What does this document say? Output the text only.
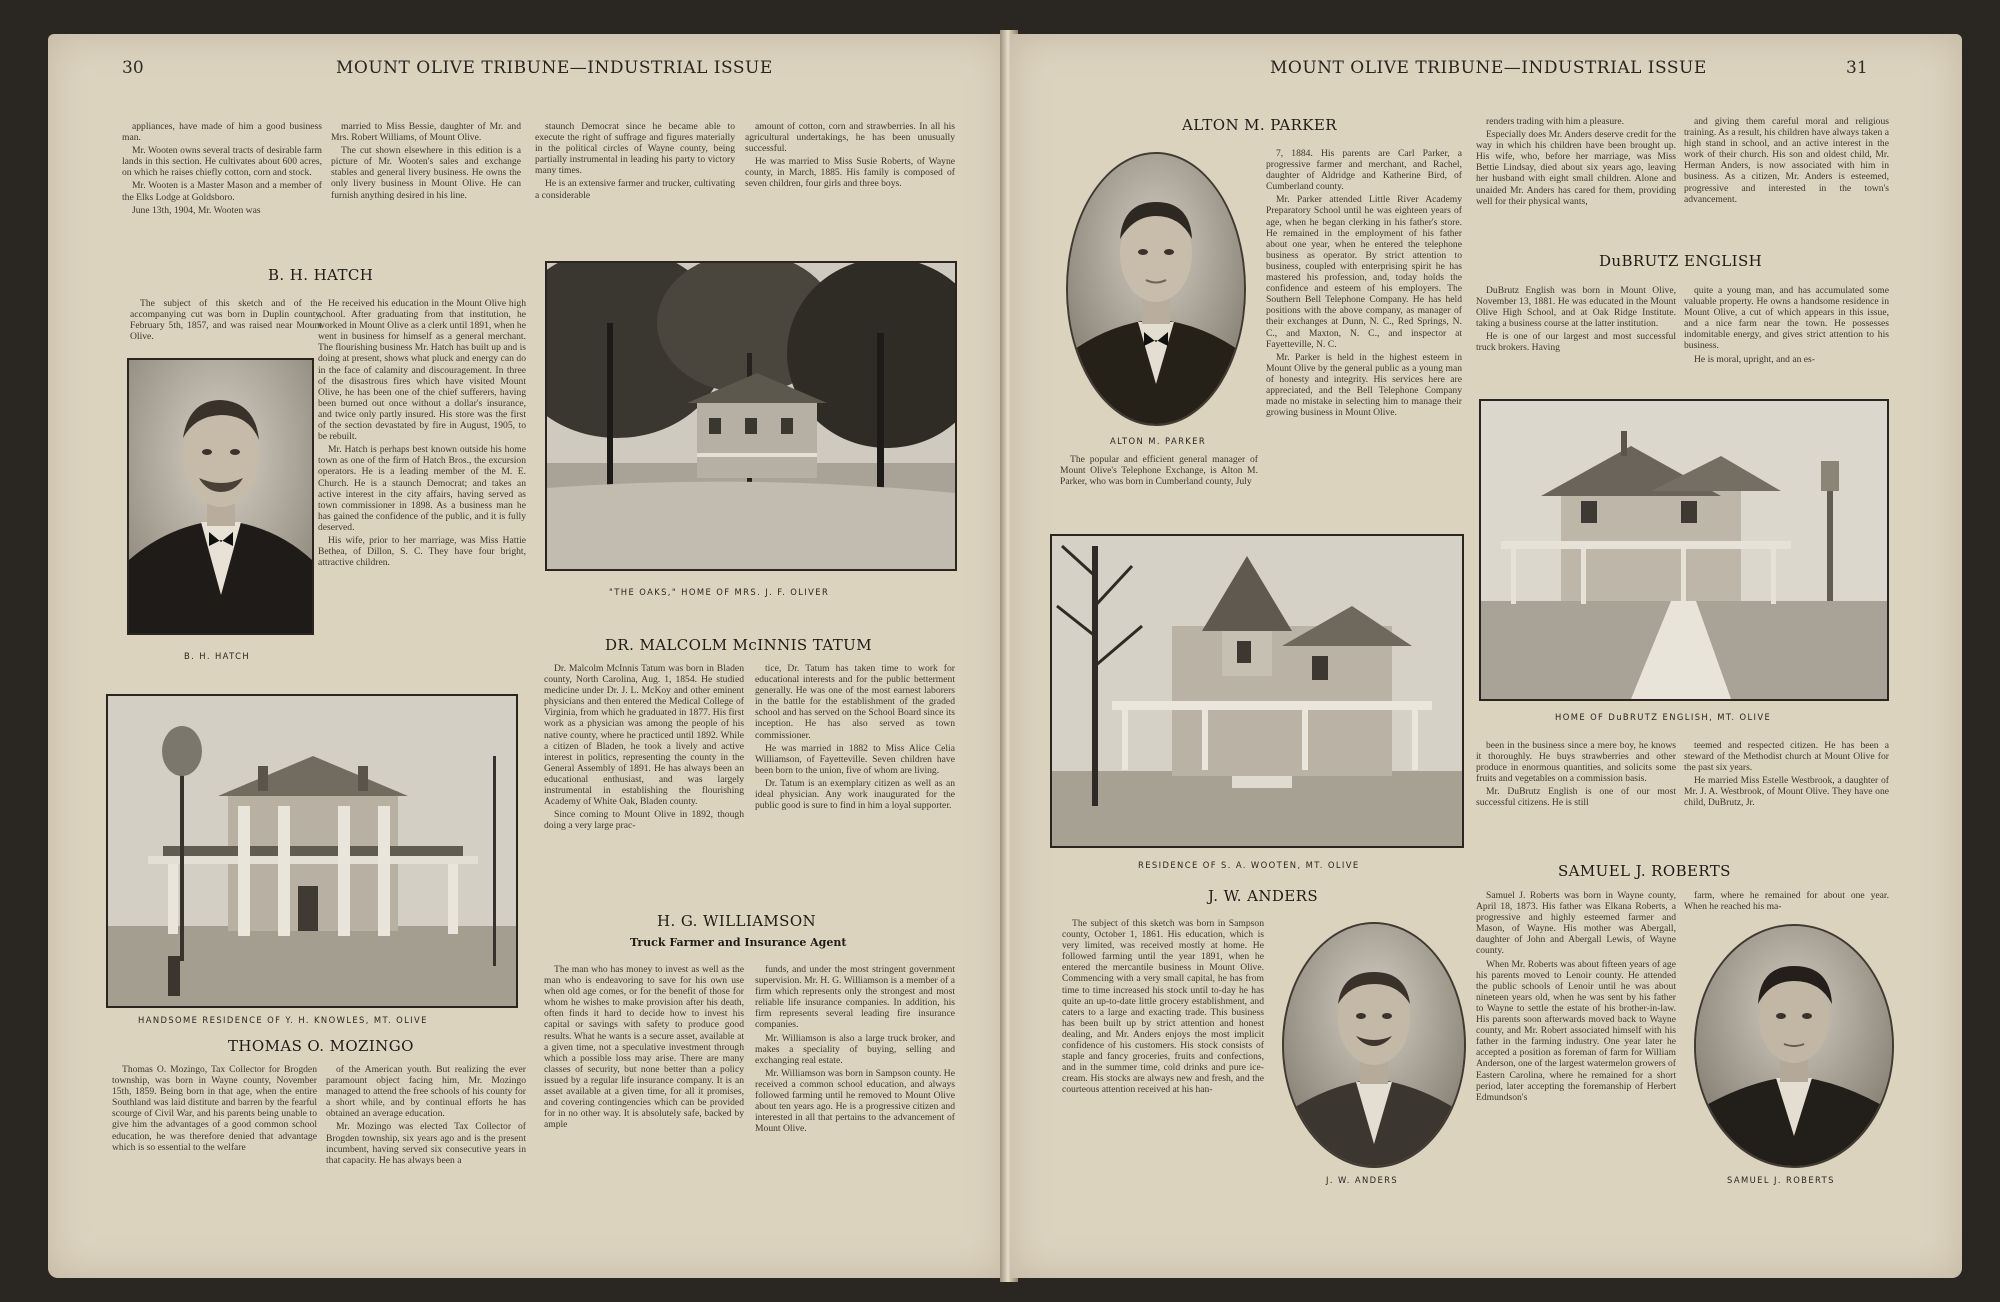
30	MOUNT OLIVE TRIBUNE—INDUSTRIAL ISSUE

appliances, have made of him a good business man.

Mr. Wooten owns several tracts of desirable farm lands in this section. He cultivates about 600 acres, on which he raises chiefly cotton, corn and stock.

Mr. Wooten is a Master Mason and a member of the Elks Lodge at Goldsboro.

June 13th, 1904, Mr. Wooten was

married to Miss Bessie, daughter of Mr. and Mrs. Robert Williams, of Mount Olive.

The cut shown elsewhere in this edition is a picture of Mr. Wooten's sales and exchange stables and general livery business. He owns the only livery business in Mount Olive. He can furnish anything desired in his line.

staunch Democrat since he became able to execute the right of suffrage and figures materially in the political circles of Wayne county, being partially instrumental in leading his party to victory many times.

He is an extensive farmer and trucker, cultivating a considerable

amount of cotton, corn and strawberries. In all his agricultural undertakings, he has been unusually successful.

He was married to Miss Susie Roberts, of Wayne county, in March, 1885. His family is composed of seven children, four girls and three boys.

B. H. HATCH

The subject of this sketch and of the accompanying cut was born in Duplin county, February 5th, 1857, and was raised near Mount Olive.

B. H. HATCH

He received his education in the Mount Olive high school. After graduating from that institution, he worked in Mount Olive as a clerk until 1891, when he went in business for himself as a general merchant. The flourishing business Mr. Hatch has built up and is doing at present, shows what pluck and energy can do in the face of calamity and discouragement. In three of the disastrous fires which have visited Mount Olive, he has been one of the chief sufferers, having been burned out once without a dollar's insurance, and twice only partly insured. His store was the first of the section devastated by fire in August, 1905, to be rebuilt.

Mr. Hatch is perhaps best known outside his home town as one of the firm of Hatch Bros., the excursion operators. He is a leading member of the M. E. Church. He is a staunch Democrat; and takes an active interest in the city affairs, having served as town commissioner in 1898. As a business man he has gained the confidence of the public, and it is fully deserved.

His wife, prior to her marriage, was Miss Hattie Bethea, of Dillon, S. C. They have four bright, attractive children.

"THE OAKS," HOME OF MRS. J. F. OLIVER
DR. MALCOLM McINNIS TATUM

Dr. Malcolm McInnis Tatum was born in Bladen county, North Carolina, Aug. 1, 1854. He studied medicine under Dr. J. L. McKoy and other eminent physicians and then entered the Medical College of Virginia, from which he graduated in 1877. His first work as a physician was among the people of his native county, where he practiced until 1892. While a citizen of Bladen, he took a lively and active interest in politics, representing the county in the General Assembly of 1891. He has always been an educational enthusiast, and was largely instrumental in establishing the flourishing Academy of White Oak, Bladen county.

Since coming to Mount Olive in 1892, though doing a very large prac-

tice, Dr. Tatum has taken time to work for educational interests and for the public betterment generally. He was one of the most earnest laborers in the battle for the establishment of the graded school and has served on the School Board since its inception. He has also served as town commissioner.

He was married in 1882 to Miss Alice Celia Williamson, of Fayetteville. Seven children have been born to the union, five of whom are living.

Dr. Tatum is an exemplary citizen as well as an ideal physician. Any work inaugurated for the public good is sure to find in him a loyal supporter.

HANDSOME RESIDENCE OF Y. H. KNOWLES, MT. OLIVE
H. G. WILLIAMSON
Truck Farmer and Insurance Agent

The man who has money to invest as well as the man who is endeavoring to save for his own use when old age comes, or for the benefit of those for whom he wishes to make provision after his death, often finds it hard to decide how to invest his capital or savings with safety to produce good results. What he wants is a secure asset, available at a given time, not a speculative investment through which a possible loss may arise. There are many classes of security, but none better than a policy issued by a regular life insurance company. It is an asset available at a given time, for all it promises, and covering contingencies which can be provided for in no other way. It is absolutely safe, backed by ample

funds, and under the most stringent government supervision. Mr. H. G. Williamson is a member of a firm which represents only the strongest and most reliable life insurance companies. In addition, his firm represents several leading fire insurance companies.

Mr. Williamson is also a large truck broker, and makes a speciality of buying, selling and exchanging real estate.

Mr. Williamson was born in Sampson county. He received a common school education, and always followed farming until he removed to Mount Olive about ten years ago. He is a progressive citizen and interested in all that pertains to the advancement of Mount Olive.

THOMAS O. MOZINGO

Thomas O. Mozingo, Tax Collector for Brogden township, was born in Wayne county, November 15th, 1859. Being born in that age, when the entire Southland was laid distitute and barren by the fearful scourge of Civil War, and his parents being unable to give him the advantages of a good common school education, he was therefore denied that advantage which is so essential to the welfare

of the American youth. But realizing the ever paramount object facing him, Mr. Mozingo managed to attend the free schools of his county for a short while, and by continual efforts he has obtained an average education.

Mr. Mozingo was elected Tax Collector of Brogden township, six years ago and is the present incumbent, having served six consecutive years in that capacity. He has always been a

MOUNT OLIVE TRIBUNE—INDUSTRIAL ISSUE	31
ALTON M. PARKER
ALTON M. PARKER

The popular and efficient general manager of Mount Olive's Telephone Exchange, is Alton M. Parker, who was born in Cumberland county, July

7, 1884. His parents are Carl Parker, a progressive farmer and merchant, and Rachel, daughter of Aldridge and Katherine Bird, of Cumberland county.

Mr. Parker attended Little River Academy Preparatory School until he was eighteen years of age, when he began clerking in his father's store. He remained in the employment of his father about one year, when he entered the telephone business as operator. By strict attention to business, coupled with enterprising spirit he has mastered his profession, and, today holds the confidence and esteem of his employers. The Southern Bell Telephone Company. He has held positions with the above company, as manager of their exchanges at Dunn, N. C., Red Springs, N. C., and Maxton, N. C., and inspector at Fayetteville, N. C.

Mr. Parker is held in the highest esteem in Mount Olive by the general public as a young man of honesty and integrity. His services here are appreciated, and the Bell Telephone Company made no mistake in selecting him to manage their growing business in Mount Olive.

renders trading with him a pleasure.

Especially does Mr. Anders deserve credit for the way in which his children have been brought up. His wife, who, before her marriage, was Miss Bettie Lindsay, died about six years ago, leaving her husband with eight small children. Alone and unaided Mr. Anders has cared for them, providing well for their physical wants,

and giving them careful moral and religious training. As a result, his children have always taken a high stand in school, and an active interest in the work of their church. His son and oldest child, Mr. Herman Anders, is now associated with him in business. As a citizen, Mr. Anders is esteemed, progressive and interested in the town's advancement.

DuBRUTZ ENGLISH

DuBrutz English was born in Mount Olive, November 13, 1881. He was educated in the Mount Olive High School, and at Oak Ridge Institute. taking a business course at the latter institution.

He is one of our largest and most successful truck brokers. Having

quite a young man, and has accumulated some valuable property. He owns a handsome residence in Mount Olive, a cut of which appears in this issue, and a nice farm near the town. He possesses indomitable energy, and gives strict attention to his business.

He is moral, upright, and an es-

HOME OF DuBRUTZ ENGLISH, MT. OLIVE

been in the business since a mere boy, he knows it thoroughly. He buys strawberries and other produce in enormous quantities, and solicits some fruits and vegetables on a commission basis.

Mr. DuBrutz English is one of our most successful citizens. He is still

teemed and respected citizen. He has been a steward of the Methodist church at Mount Olive for the past six years.

He married Miss Estelle Westbrook, a daughter of Mr. J. A. Westbrook, of Mount Olive. They have one child, DuBrutz, Jr.

RESIDENCE OF S. A. WOOTEN, MT. OLIVE
J. W. ANDERS

The subject of this sketch was born in Sampson county, October 1, 1861. His education, which is very limited, was received mostly at home. He followed farming until the year 1891, when he entered the mercantile business in Mount Olive. Commencing with a very small capital, he has from time to time increased his stock until to-day he has quite an up-to-date little grocery establishment, and caters to a large and exacting trade. This business has been built up by strict attention and honest dealing, and Mr. Anders enjoys the most implicit confidence of his customers. His stock consists of staple and fancy groceries, fruits and confections, and in the summer time, cold drinks and pure ice-cream. His stocks are always new and fresh, and the courteous attention received at his han-

J. W. ANDERS
SAMUEL J. ROBERTS

Samuel J. Roberts was born in Wayne county, April 18, 1873. His father was Elkana Roberts, a progressive and highly esteemed farmer and Mason, of Wayne. His mother was Abergall, daughter of John and Abergall Lewis, of Wayne county.

When Mr. Roberts was about fifteen years of age his parents moved to Lenoir county. He attended the public schools of Lenoir until he was about nineteen years old, when he was sent by his father to Wayne to settle the estate of his brother-in-law. His parents soon afterwards moved back to Wayne county, and Mr. Robert associated himself with his father in the farming industry. One year later he accepted a position as foreman of farm for William Anderson, one of the largest watermelon growers of Eastern Carolina, where he remained for a short period, later accepting the foremanship of Herbert Edmundson's

farm, where he remained for about one year. When he reached his ma-

SAMUEL J. ROBERTS
